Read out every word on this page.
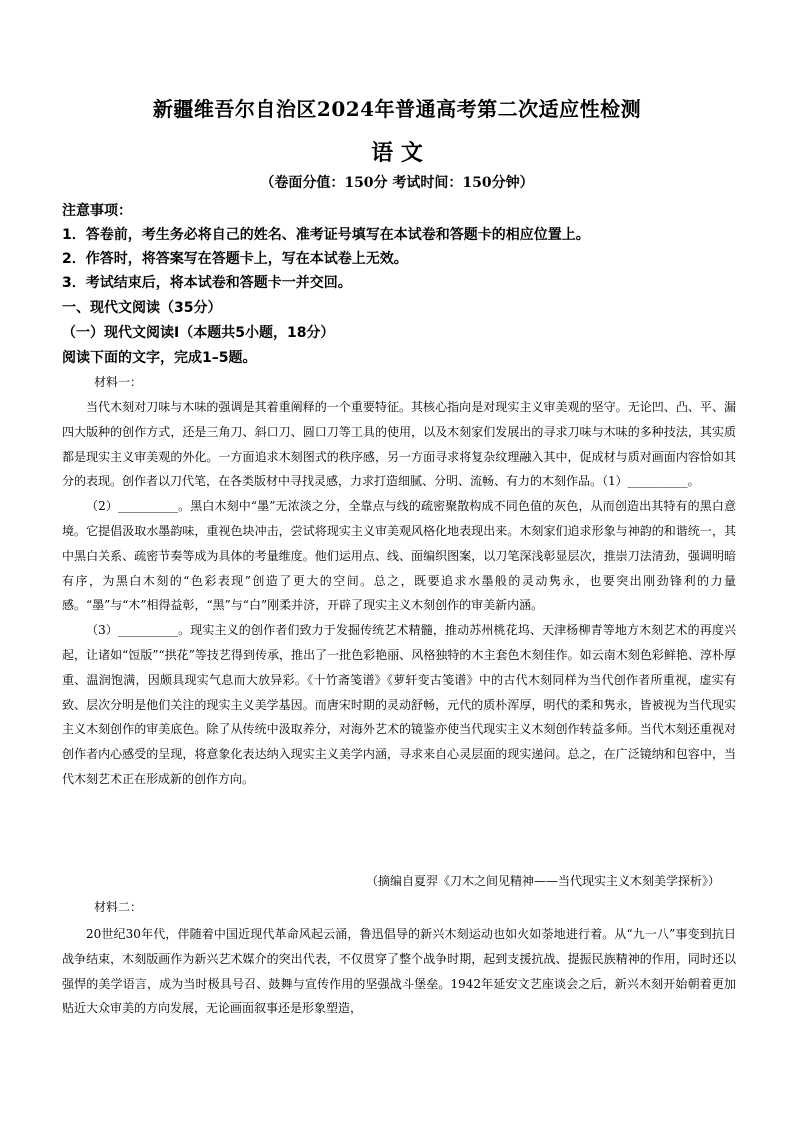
新疆维吾尔自治区2024年普通高考第二次适应性检测
语 文
（卷面分值：150分 考试时间：150分钟）
注意事项：
1．答卷前，考生务必将自己的姓名、准考证号填写在本试卷和答题卡的相应位置上。
2．作答时，将答案写在答题卡上，写在本试卷上无效。
3．考试结束后，将本试卷和答题卡一并交回。
一、现代文阅读（35分）
（一）现代文阅读Ⅰ（本题共5小题，18分）
阅读下面的文字，完成1–5题。
材料一：

当代木刻对刀味与木味的强调是其着重阐释的一个重要特征。其核心指向是对现实主义审美观的坚守。无论凹、凸、平、漏四大版种的创作方式，还是三角刀、斜口刀、圆口刀等工具的使用，以及木刻家们发展出的寻求刀味与木味的多种技法，其实质都是现实主义审美观的外化。一方面追求木刻图式的秩序感，另一方面寻求将复杂纹理融入其中，促成材与质对画面内容恰如其分的表现。创作者以刀代笔，在各类版材中寻找灵感，力求打造细腻、分明、流畅、有力的木刻作品。（1）__________。

（2）__________。黑白木刻中“墨”无浓淡之分，全靠点与线的疏密聚散构成不同色值的灰色，从而创造出其特有的黑白意境。它提倡汲取水墨韵味，重视色块冲击，尝试将现实主义审美观风格化地表现出来。木刻家们追求形象与神韵的和谐统一，其中黑白关系、疏密节奏等成为具体的考量维度。他们运用点、线、面编织图案，以刀笔深浅彰显层次，推崇刀法清劲，强调明暗有序，为黑白木刻的“色彩表现”创造了更大的空间。总之，既要追求水墨般的灵动隽永，也要突出刚劲锋利的力量感。“墨”与“木”相得益彰，“黑”与“白”刚柔并济，开辟了现实主义木刻创作的审美新内涵。

（3）__________。现实主义的创作者们致力于发掘传统艺术精髓，推动苏州桃花坞、天津杨柳青等地方木刻艺术的再度兴起，让诸如“饾版”“拱花”等技艺得到传承，推出了一批色彩艳丽、风格独特的木主套色木刻佳作。如云南木刻色彩鲜艳、淳朴厚重、温润饱满，因颇具现实气息而大放异彩。《十竹斋笺谱》《萝轩变古笺谱》中的古代木刻同样为当代创作者所重视，虚实有致、层次分明是他们关注的现实主义美学基因。而唐宋时期的灵动舒畅，元代的质朴浑厚，明代的柔和隽永，皆被视为当代现实主义木刻创作的审美底色。除了从传统中汲取养分，对海外艺术的镜鉴亦使当代现实主义木刻创作转益多师。当代木刻还重视对创作者内心感受的呈现，将意象化表达纳入现实主义美学内涵，寻求来自心灵层面的现实递问。总之，在广泛镜纳和包容中，当代木刻艺术正在形成新的创作方向。

（摘编自夏羿《刀木之间见精神——当代现实主义木刻美学探析》）
材料二：

20世纪30年代，伴随着中国近现代革命风起云涌，鲁迅倡导的新兴木刻运动也如火如荼地进行着。从“九一八”事变到抗日战争结束，木刻版画作为新兴艺术媒介的突出代表，不仅贯穿了整个战争时期，起到支援抗战、提振民族精神的作用，同时还以强悍的美学语言，成为当时极具号召、鼓舞与宣传作用的坚强战斗堡垒。1942年延安文艺座谈会之后，新兴木刻开始朝着更加贴近大众审美的方向发展，无论画面叙事还是形象塑造，
